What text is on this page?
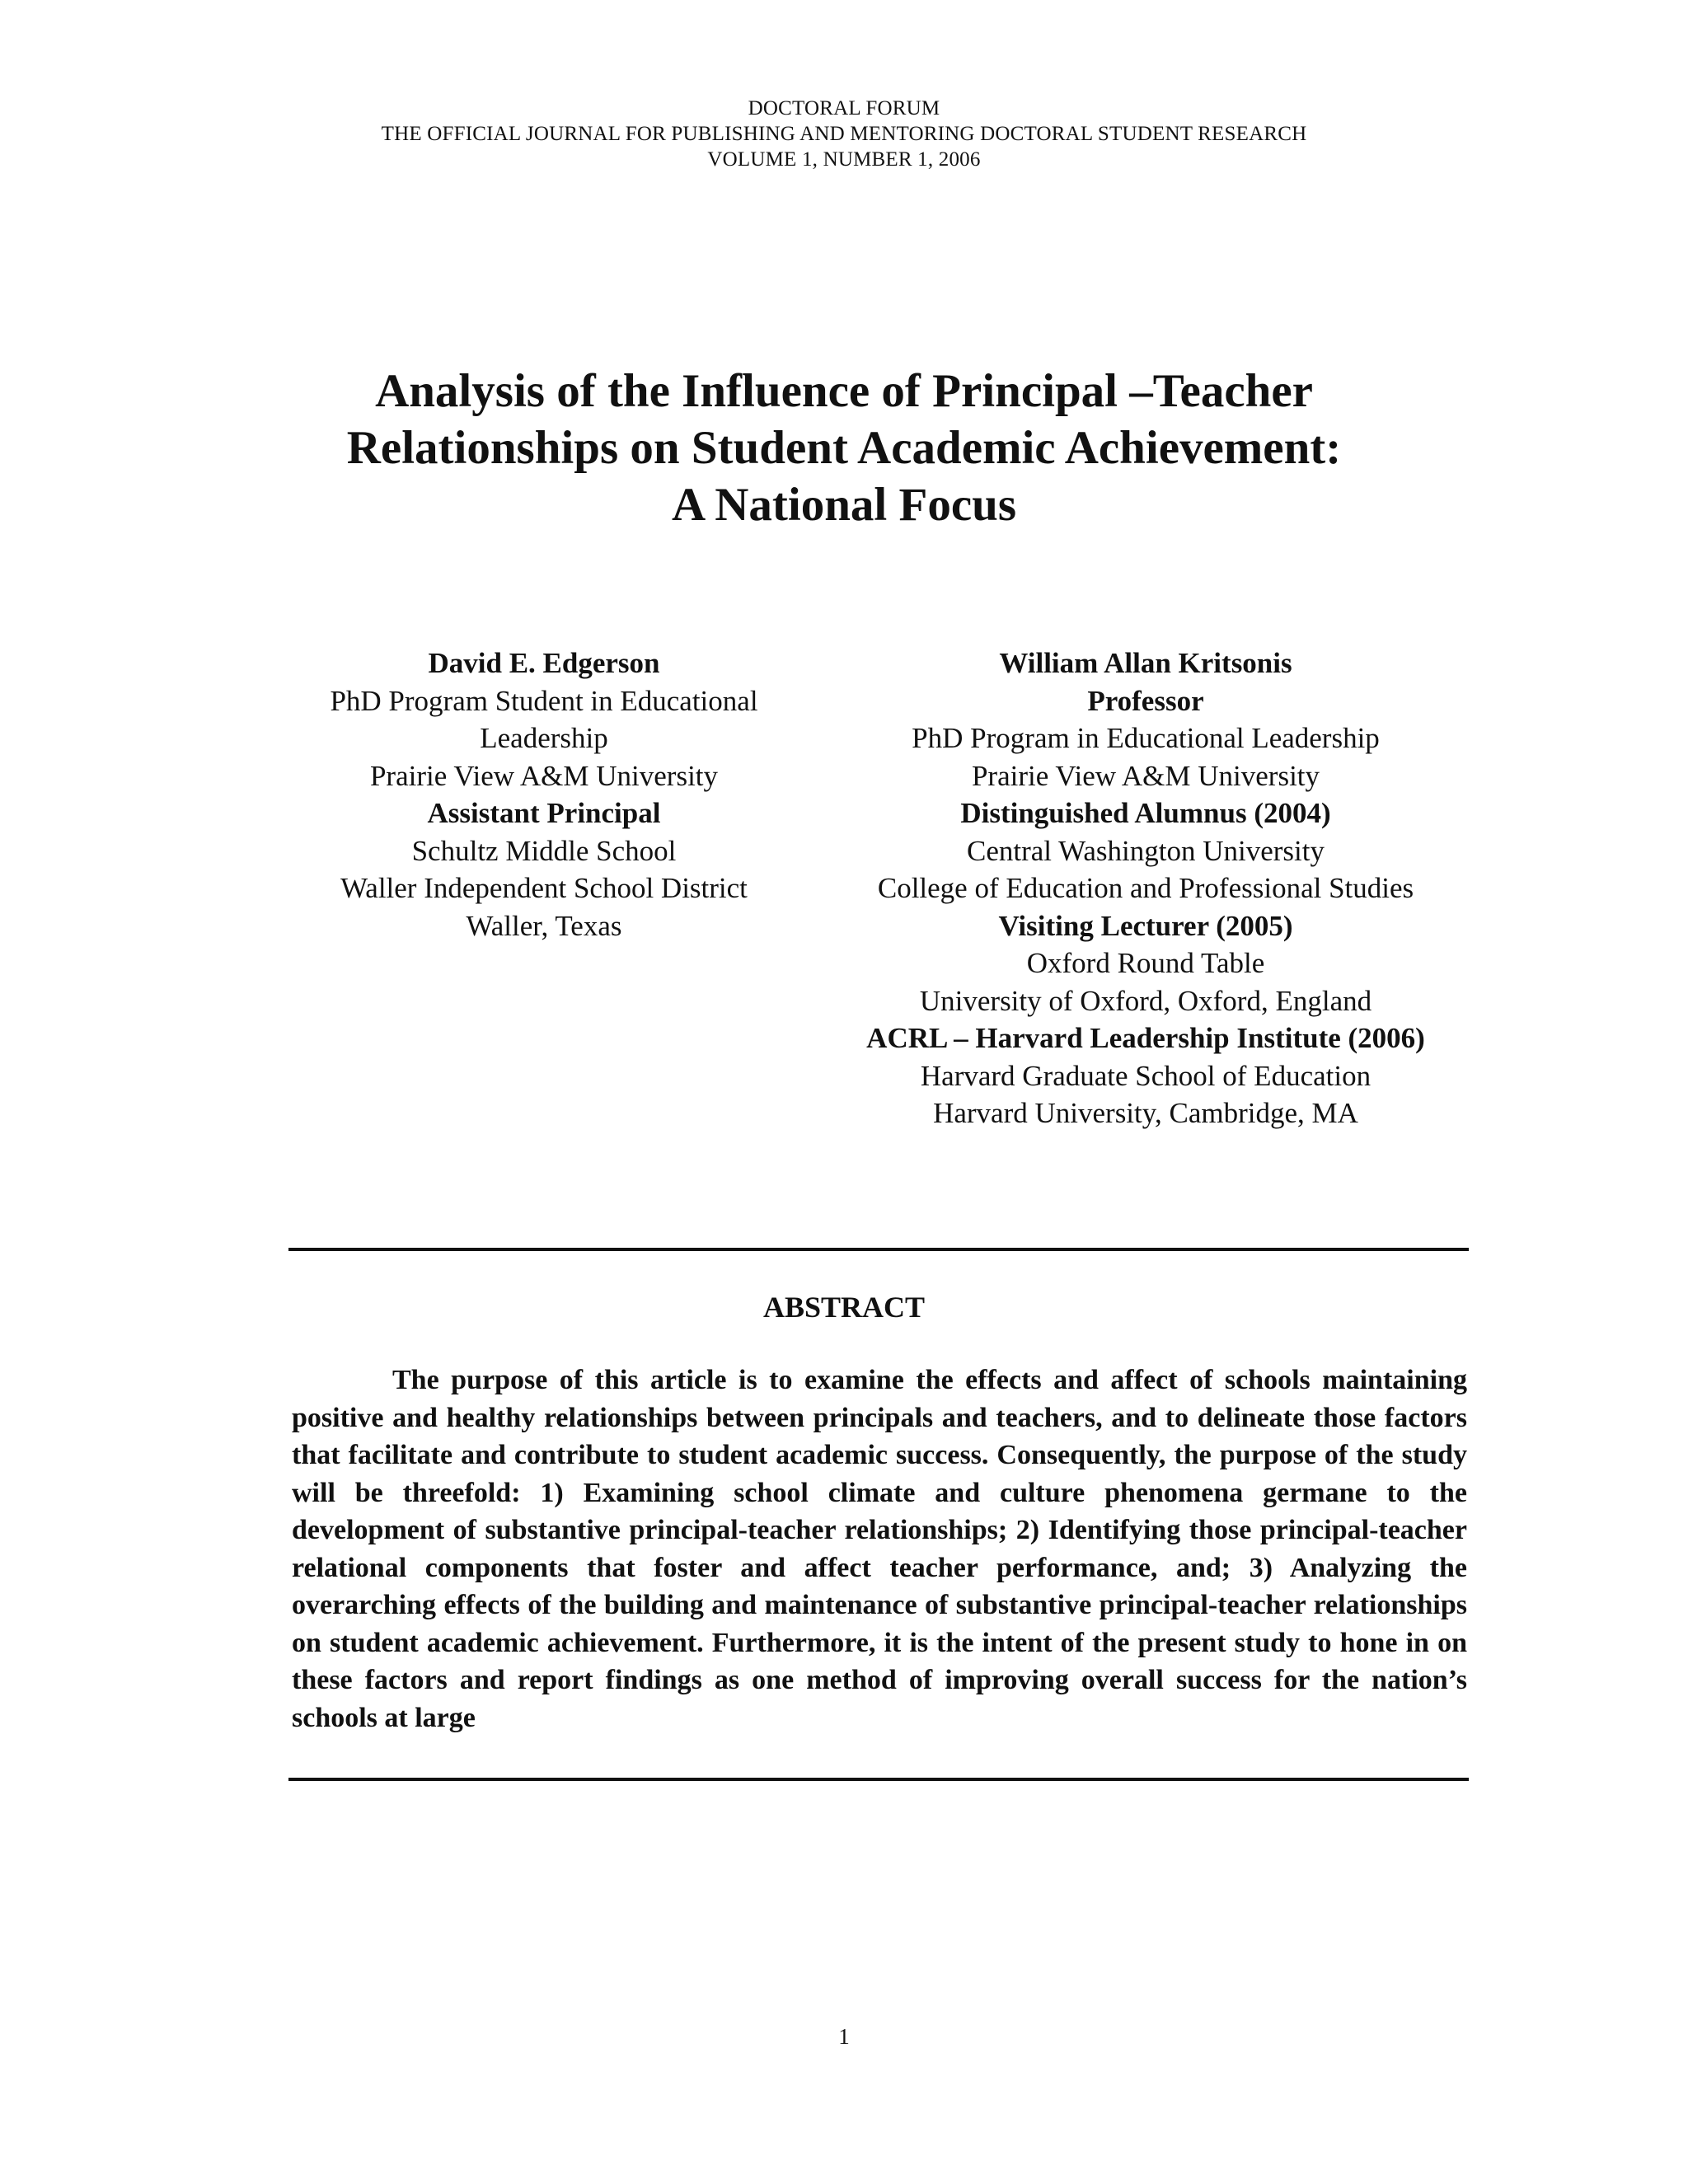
DOCTORAL FORUM
THE OFFICIAL JOURNAL FOR PUBLISHING AND MENTORING DOCTORAL STUDENT RESEARCH
VOLUME 1, NUMBER 1, 2006
Analysis of the Influence of Principal –Teacher
Relationships on Student Academic Achievement:
A National Focus
David E. Edgerson
PhD Program Student in Educational
Leadership
Prairie View A&M University
Assistant Principal
Schultz Middle School
Waller Independent School District
Waller, Texas
William Allan Kritsonis
Professor
PhD Program in Educational Leadership
Prairie View A&M University
Distinguished Alumnus (2004)
Central Washington University
College of Education and Professional Studies
Visiting Lecturer (2005)
Oxford Round Table
University of Oxford, Oxford, England
ACRL – Harvard Leadership Institute (2006)
Harvard Graduate School of Education
Harvard University, Cambridge, MA
ABSTRACT
The purpose of this article is to examine the effects and affect of schools maintaining positive and healthy relationships between principals and teachers, and to delineate those factors that facilitate and contribute to student academic success. Consequently, the purpose of the study will be threefold: 1) Examining school climate and culture phenomena germane to the development of substantive principal-teacher relationships; 2) Identifying those principal-teacher relational components that foster and affect teacher performance, and; 3) Analyzing the overarching effects of the building and maintenance of substantive principal-teacher relationships on student academic achievement. Furthermore, it is the intent of the present study to hone in on these factors and report findings as one method of improving overall success for the nation’s schools at large
1
